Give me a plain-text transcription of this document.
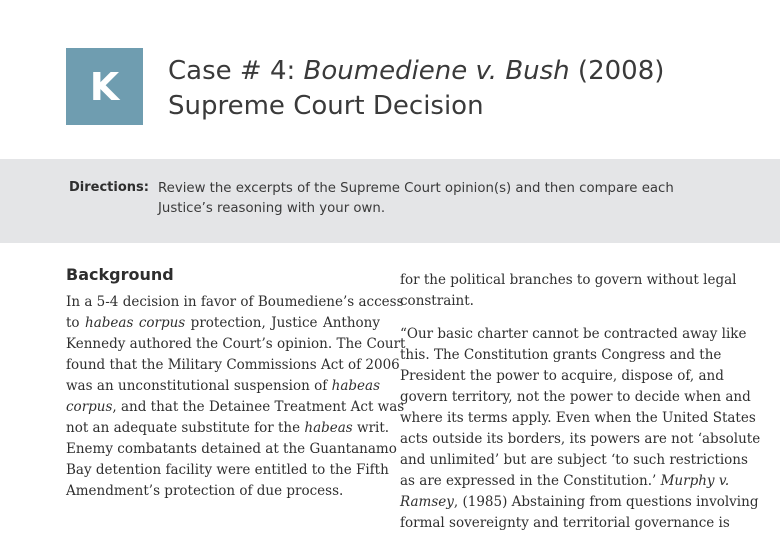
K Case # 4: Boumediene v. Bush (2008)
Supreme Court Decision
Directions: Review the excerpts of the Supreme Court opinion(s) and then compare each Justice’s reasoning with your own.
Background
In a 5-4 decision in favor of Boumediene’s access
to habeas corpus protection, Justice Anthony
Kennedy authored the Court’s opinion. The Court
found that the Military Commissions Act of 2006
was an unconstitutional suspension of habeas
corpus, and that the Detainee Treatment Act was
not an adequate substitute for the habeas writ.
Enemy combatants detained at the Guantanamo
Bay detention facility were entitled to the Fifth
Amendment’s protection of due process.
for the political branches to govern without legal
constraint.
“Our basic charter cannot be contracted away like
this. The Constitution grants Congress and the
President the power to acquire, dispose of, and
govern territory, not the power to decide when and
where its terms apply. Even when the United States
acts outside its borders, its powers are not ‘absolute
and unlimited’ but are subject ‘to such restrictions
as are expressed in the Constitution.’ Murphy v.
Ramsey, (1985) Abstaining from questions involving
formal sovereignty and territorial governance is
